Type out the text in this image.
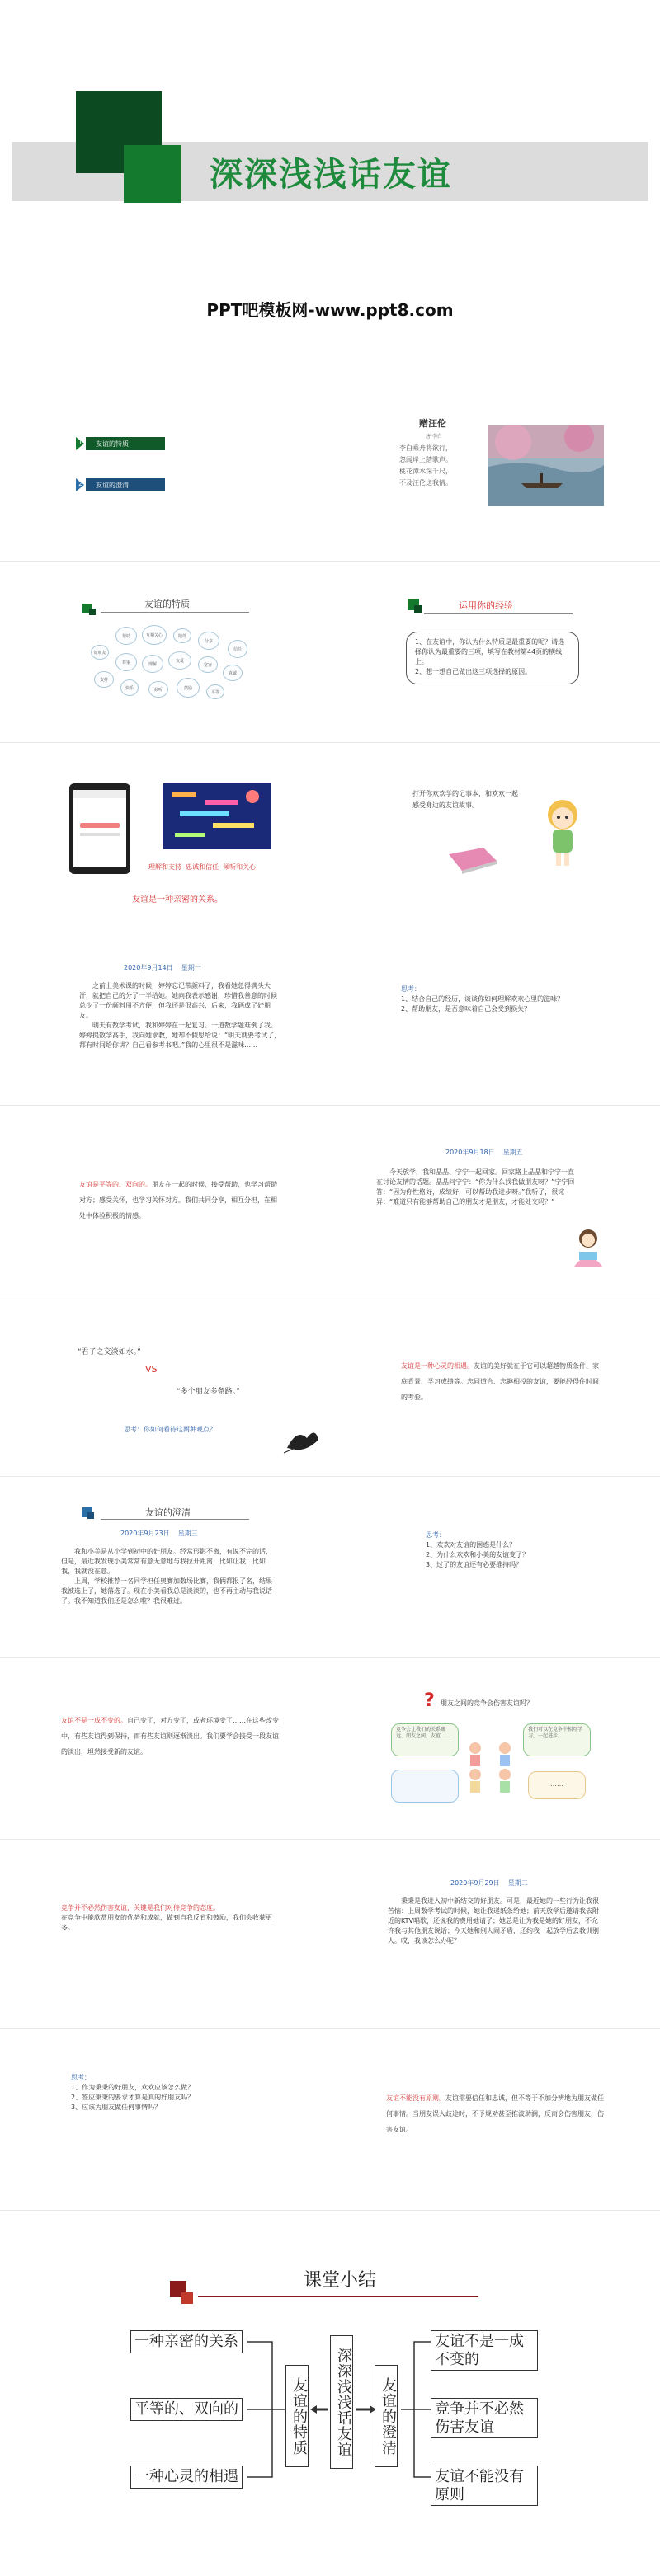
深深浅浅话友谊
PPT吧模板网-www.ppt8.com
1 友谊的特质
2 友谊的澄清
赠汪伦
唐·李白
李白乘舟将欲行，
忽闻岸上踏歌声。
桃花潭水深千尺，
不及汪伦送我情。
友谊的特质
好朋友
帮助	互相关心	陪伴
分享
信任
尊重	理解
友爱
宽容
真诚
支持
快乐	倾听	鼓励
平等
运用你的经验
1、在友谊中，你认为什么特质是最重要的呢？请选择你认为最重要的三项，填写在教材第44页的横线上。
2、想一想自己做出这三项选择的原因。
理解和支持  忠诚和信任  倾听和关心
友谊是一种亲密的关系。
打开你欢欢学的记事本，和欢欢一起感受身边的友谊故事。
2020年9月14日    星期一
之前上美术课的时候，婷婷忘记带颜料了，我看她急得满头大汗，就把自己的分了一半给她。她向我表示感谢，珍惜我善意的时候总少了一份颜料用不方便，但我还是很高兴，后来，我俩成了好朋友。
明天有数学考试，我和婷婷在一起复习。一道数学题难倒了我。婷婷提数学高手，我向她求教，她却不假思给说：“明天就要考试了，都有时间给你讲？自己看参考书吧。”我的心里很不是滋味……
思考：
1、结合自己的经历，谈谈你如何理解欢欢心里的滋味？
2、帮助朋友，是否意味着自己会受到损失？
友谊是平等的、双向的。朋友在一起的时候，接受帮助，也学习帮助对方；感受关怀，也学习关怀对方。我们共同分享，相互分担，在相处中体验积极的情感。
2020年9月18日    星期五
今天放学，我和晶晶、宁宁一起回家。回家路上晶晶和宁宁一直在讨论友情的话题。晶晶问宁宁：“你为什么找我做朋友呀？”宁宁回答：“因为你性格好，成绩好，可以帮助我进步呀。”我听了，很诧异：“难道只有能够帮助自己的朋友才是朋友，才能处交吗？”
“君子之交淡如水。”
VS
“多个朋友多条路。”
思考：你如何看待这两种观点？
友谊是一种心灵的相遇。友谊的美好就在于它可以超越物质条件、家庭背景、学习成绩等。志同道合、志趣相投的友谊，要能经得住时间的考验。
友谊的澄清
2020年9月23日    星期三
我和小美是从小学到初中的好朋友。经常形影不离，有说不完的话，但是，最近我发现小美常常有意无意地与我拉开距离，比如让我，比如我，我就没在意。
上周，学校推荐一名同学担任奥赛加数场比赛，我俩都报了名，结果我被选上了，她落选了。现在小美看我总是淡淡的，也不再主动与我说话了。我不知道我们还是怎么啦？我很难过。
思考：
1、欢欢对友谊的困惑是什么？
2、为什么欢欢和小美的友谊变了？
3、过了的友谊还有必要维持吗？
友谊不是一成不变的。自己变了，对方变了，或者环境变了……在这些改变中，有些友谊得到保持，而有些友谊则逐渐淡出。我们要学会接受一段友谊的淡出，坦然接受新的友谊。
? 朋友之间的竞争会伤害友谊吗？
竞争会让我们的关系疏远，朋友之间，友谊……
我们可以在竞争中相互学习，一起进步。
……
竞争并不必然伤害友谊，关键是我们对待竞争的态度。
在竞争中能欣赏朋友的优势和成就，做到自我反省和鼓励，我们会收获更多。
2020年9月29日    星期二
秉秉是我进入初中新结交的好朋友。可是，最近她的一些行为让我很苦恼：上周数学考试的时候，她让我递纸条给她；前天放学后邀请我去附近的KTV唱歌，还说我的费用她请了；她总是让为我是她的好朋友，不允许我与其他朋友说话；今天她和别人闹矛盾，还约我一起放学后去教训别人。哎，我该怎么办呢？
思考：
1、作为秉秉的好朋友，欢欢应该怎么做？
2、签应秉秉的要求才算是真的好朋友吗？
3、应该为朋友做任何事情吗？
友谊不能没有原则。友谊需要信任和忠诚，但不等于不加分辨地为朋友做任何事情。当朋友误入歧途时，不予规劝甚至推波助澜，反而会伤害朋友，伤害友谊。
课堂小结
一种亲密的关系
平等的、双向的
一种心灵的相遇
友谊的特质	深深浅浅话友谊	友谊的澄清
友谊不是一成不变的
竞争并不必然伤害友谊
友谊不能没有原则
